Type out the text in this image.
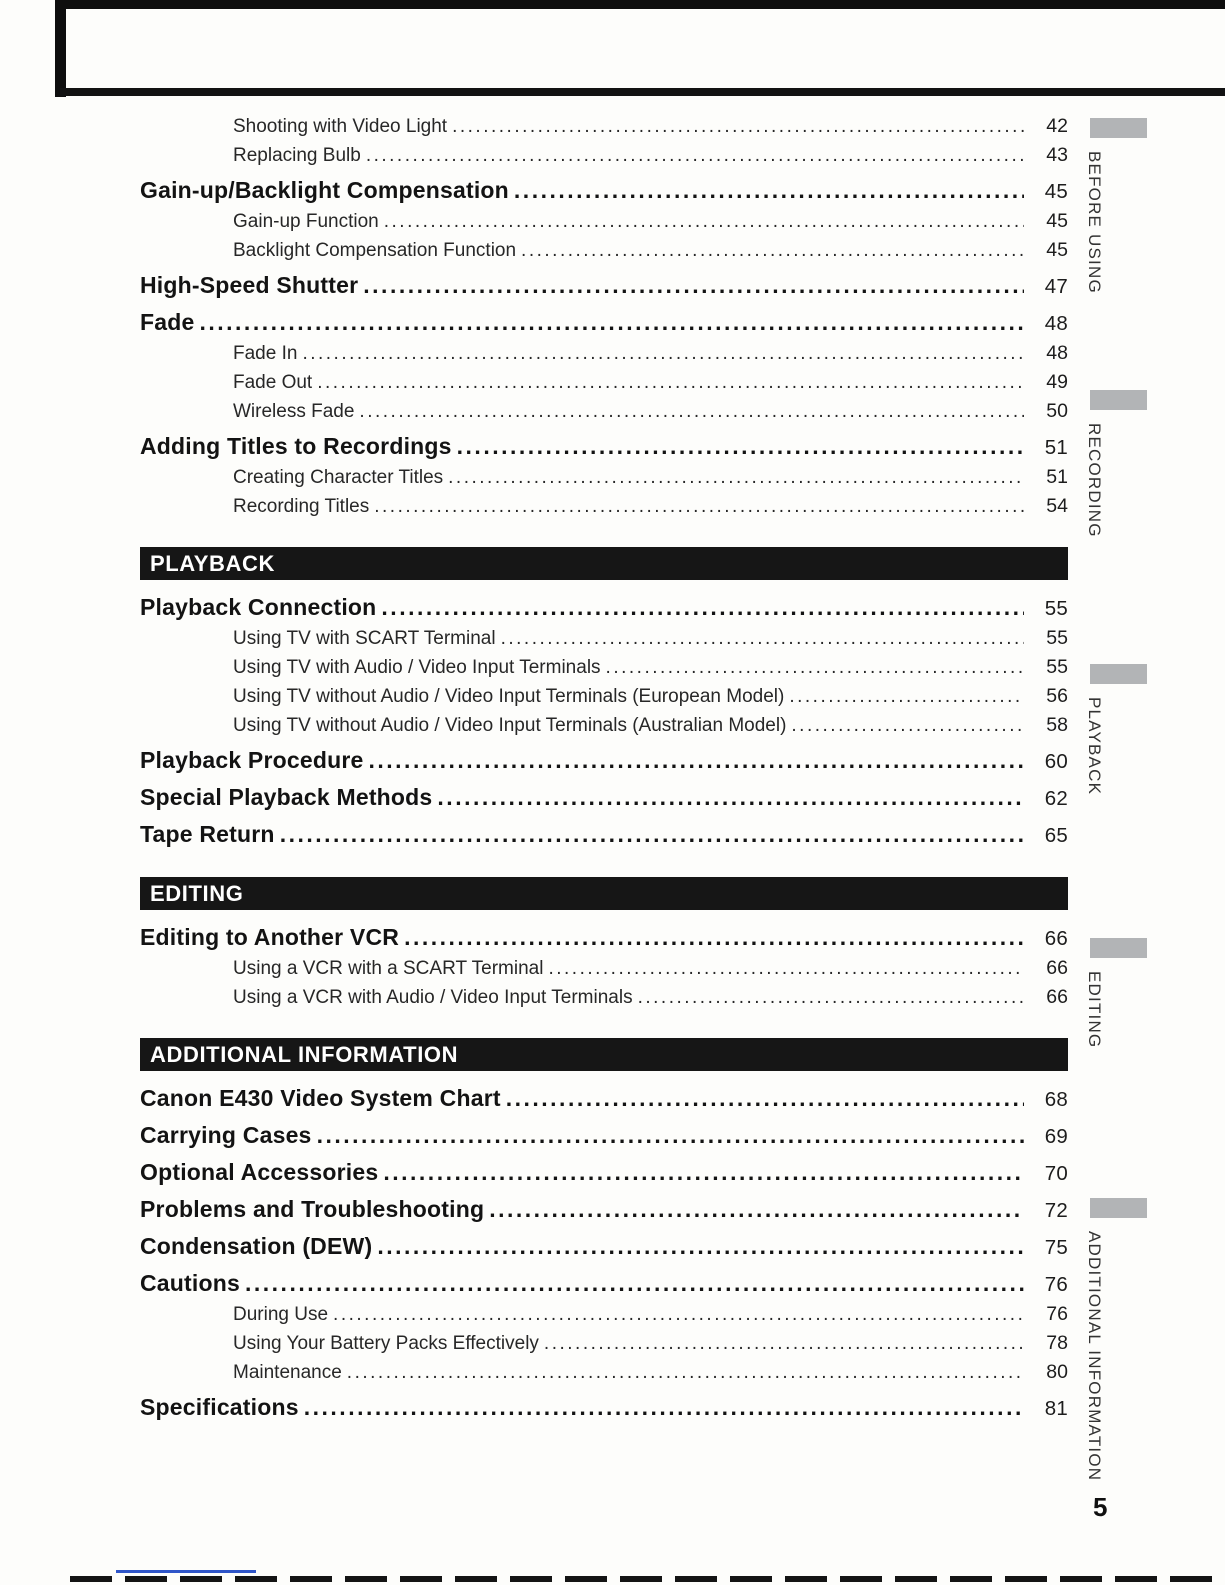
Shooting with Video Light .....	42
Replacing Bulb .....	43
Gain-up/Backlight Compensation .....	45
Gain-up Function .....	45
Backlight Compensation Function .....	45
High-Speed Shutter .....	47
Fade .....	48
Fade In .....	48
Fade Out .....	49
Wireless Fade .....	50
Adding Titles to Recordings .....	51
Creating Character Titles .....	51
Recording Titles .....	54
PLAYBACK
Playback Connection .....	55
Using TV with SCART Terminal .....	55
Using TV with Audio / Video Input Terminals .....	55
Using TV without Audio / Video Input Terminals (European Model) .....	56
Using TV without Audio / Video Input Terminals (Australian Model) .....	58
Playback Procedure .....	60
Special Playback Methods .....	62
Tape Return .....	65
EDITING
Editing to Another VCR .....	66
Using a VCR with a SCART Terminal .....	66
Using a VCR with Audio / Video Input Terminals .....	66
ADDITIONAL INFORMATION
Canon E430 Video System Chart .....	68
Carrying Cases .....	69
Optional Accessories .....	70
Problems and Troubleshooting .....	72
Condensation (DEW) .....	75
Cautions .....	76
During Use .....	76
Using Your Battery Packs Effectively .....	78
Maintenance .....	80
Specifications .....	81
BEFORE USING
RECORDING
PLAYBACK
EDITING
ADDITIONAL INFORMATION
5
